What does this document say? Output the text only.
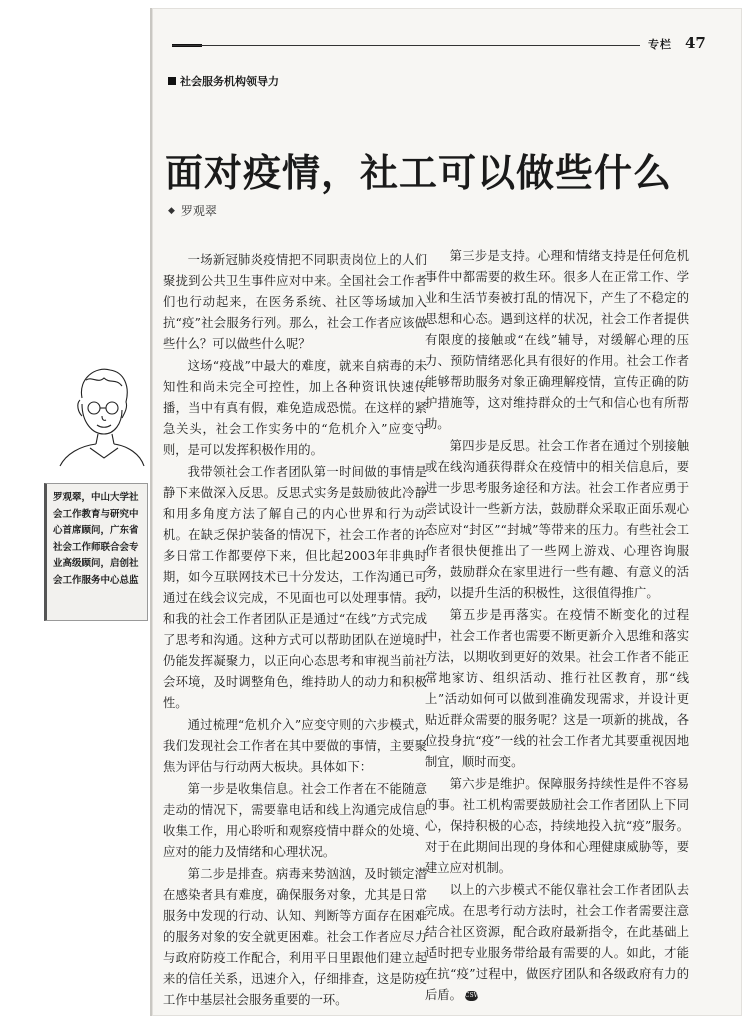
专栏 47
社会服务机构领导力
面对疫情，社工可以做些什么
◆ 罗观翠
罗观翠，中山大学社会工作教育与研究中心首席顾问，广东省社会工作师联合会专业高级顾问，启创社会工作服务中心总监

一场新冠肺炎疫情把不同职责岗位上的人们聚拢到公共卫生事件应对中来。全国社会工作者们也行动起来，在医务系统、社区等场域加入抗“疫”社会服务行列。那么，社会工作者应该做些什么？可以做些什么呢？

这场“疫战”中最大的难度，就来自病毒的未知性和尚未完全可控性，加上各种资讯快速传播，当中有真有假，难免造成恐慌。在这样的紧急关头，社会工作实务中的“危机介入”应变守则，是可以发挥积极作用的。

我带领社会工作者团队第一时间做的事情是静下来做深入反思。反思式实务是鼓励彼此冷静和用多角度方法了解自己的内心世界和行为动机。在缺乏保护装备的情况下，社会工作者的许多日常工作都要停下来，但比起2003年非典时期，如今互联网技术已十分发达，工作沟通已可通过在线会议完成，不见面也可以处理事情。我和我的社会工作者团队正是通过“在线”方式完成了思考和沟通。这种方式可以帮助团队在逆境时仍能发挥凝聚力，以正向心态思考和审视当前社会环境，及时调整角色，维持助人的动力和积极性。

通过梳理“危机介入”应变守则的六步模式，我们发现社会工作者在其中要做的事情，主要聚焦为评估与行动两大板块。具体如下：

第一步是收集信息。社会工作者在不能随意走动的情况下，需要靠电话和线上沟通完成信息收集工作，用心聆听和观察疫情中群众的处境、应对的能力及情绪和心理状况。

第二步是排查。病毒来势汹汹，及时锁定潜在感染者具有难度，确保服务对象，尤其是日常服务中发现的行动、认知、判断等方面存在困难的服务对象的安全就更困难。社会工作者应尽力与政府防疫工作配合，利用平日里跟他们建立起来的信任关系，迅速介入，仔细排查，这是防疫工作中基层社会服务重要的一环。

第三步是支持。心理和情绪支持是任何危机事件中都需要的救生环。很多人在正常工作、学业和生活节奏被打乱的情况下，产生了不稳定的思想和心态。遇到这样的状况，社会工作者提供有限度的接触或“在线”辅导，对缓解心理的压力、预防情绪恶化具有很好的作用。社会工作者能够帮助服务对象正确理解疫情，宣传正确的防护措施等，这对维持群众的士气和信心也有所帮助。

第四步是反思。社会工作者在通过个别接触或在线沟通获得群众在疫情中的相关信息后，要进一步思考服务途径和方法。社会工作者应勇于尝试设计一些新方法，鼓励群众采取正面乐观心态应对“封区”“封城”等带来的压力。有些社会工作者很快便推出了一些网上游戏、心理咨询服务，鼓励群众在家里进行一些有趣、有意义的活动，以提升生活的积极性，这很值得推广。

第五步是再落实。在疫情不断变化的过程中，社会工作者也需要不断更新介入思维和落实方法，以期收到更好的效果。社会工作者不能正常地家访、组织活动、推行社区教育，那“线上”活动如何可以做到准确发现需求，并设计更贴近群众需要的服务呢？这是一项新的挑战，各位投身抗“疫”一线的社会工作者尤其要重视因地制宜，顺时而变。

第六步是维护。保障服务持续性是件不容易的事。社工机构需要鼓励社会工作者团队上下同心，保持积极的心态，持续地投入抗“疫”服务。对于在此期间出现的身体和心理健康威胁等，要建立应对机制。

以上的六步模式不能仅靠社会工作者团队去完成。在思考行动方法时，社会工作者需要注意结合社区资源，配合政府最新指令，在此基础上适时把专业服务带给最有需要的人。如此，才能在抗“疫”过程中，做医疗团队和各级政府有力的后盾。 CSW
